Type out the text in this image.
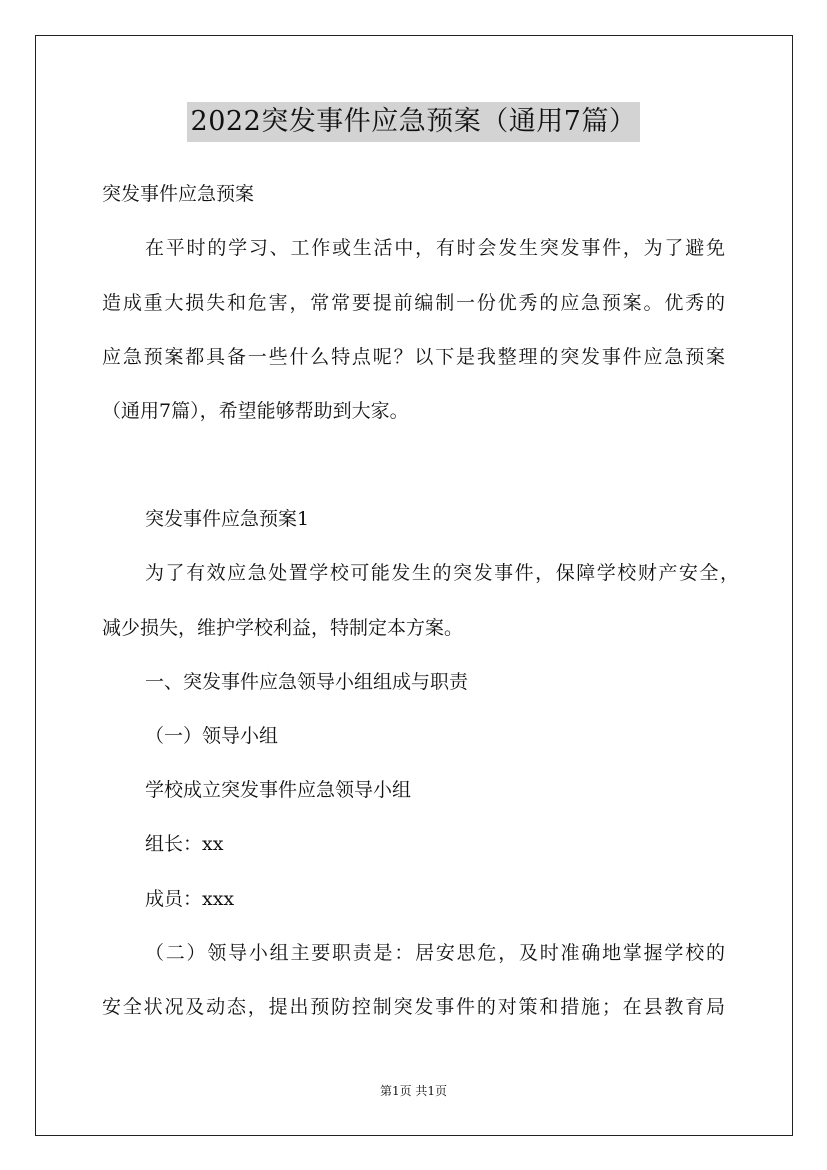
2022突发事件应急预案（通用7篇）
突发事件应急预案
在平时的学习、工作或生活中，有时会发生突发事件，为了避免
造成重大损失和危害，常常要提前编制一份优秀的应急预案。优秀的
应急预案都具备一些什么特点呢？以下是我整理的突发事件应急预案
（通用7篇），希望能够帮助到大家。
突发事件应急预案1
为了有效应急处置学校可能发生的突发事件，保障学校财产安全，
减少损失，维护学校利益，特制定本方案。
一、突发事件应急领导小组组成与职责
（一）领导小组
学校成立突发事件应急领导小组
组长：xx
成员：xxx
（二）领导小组主要职责是：居安思危，及时准确地掌握学校的
安全状况及动态，提出预防控制突发事件的对策和措施；在县教育局
第1页 共1页
